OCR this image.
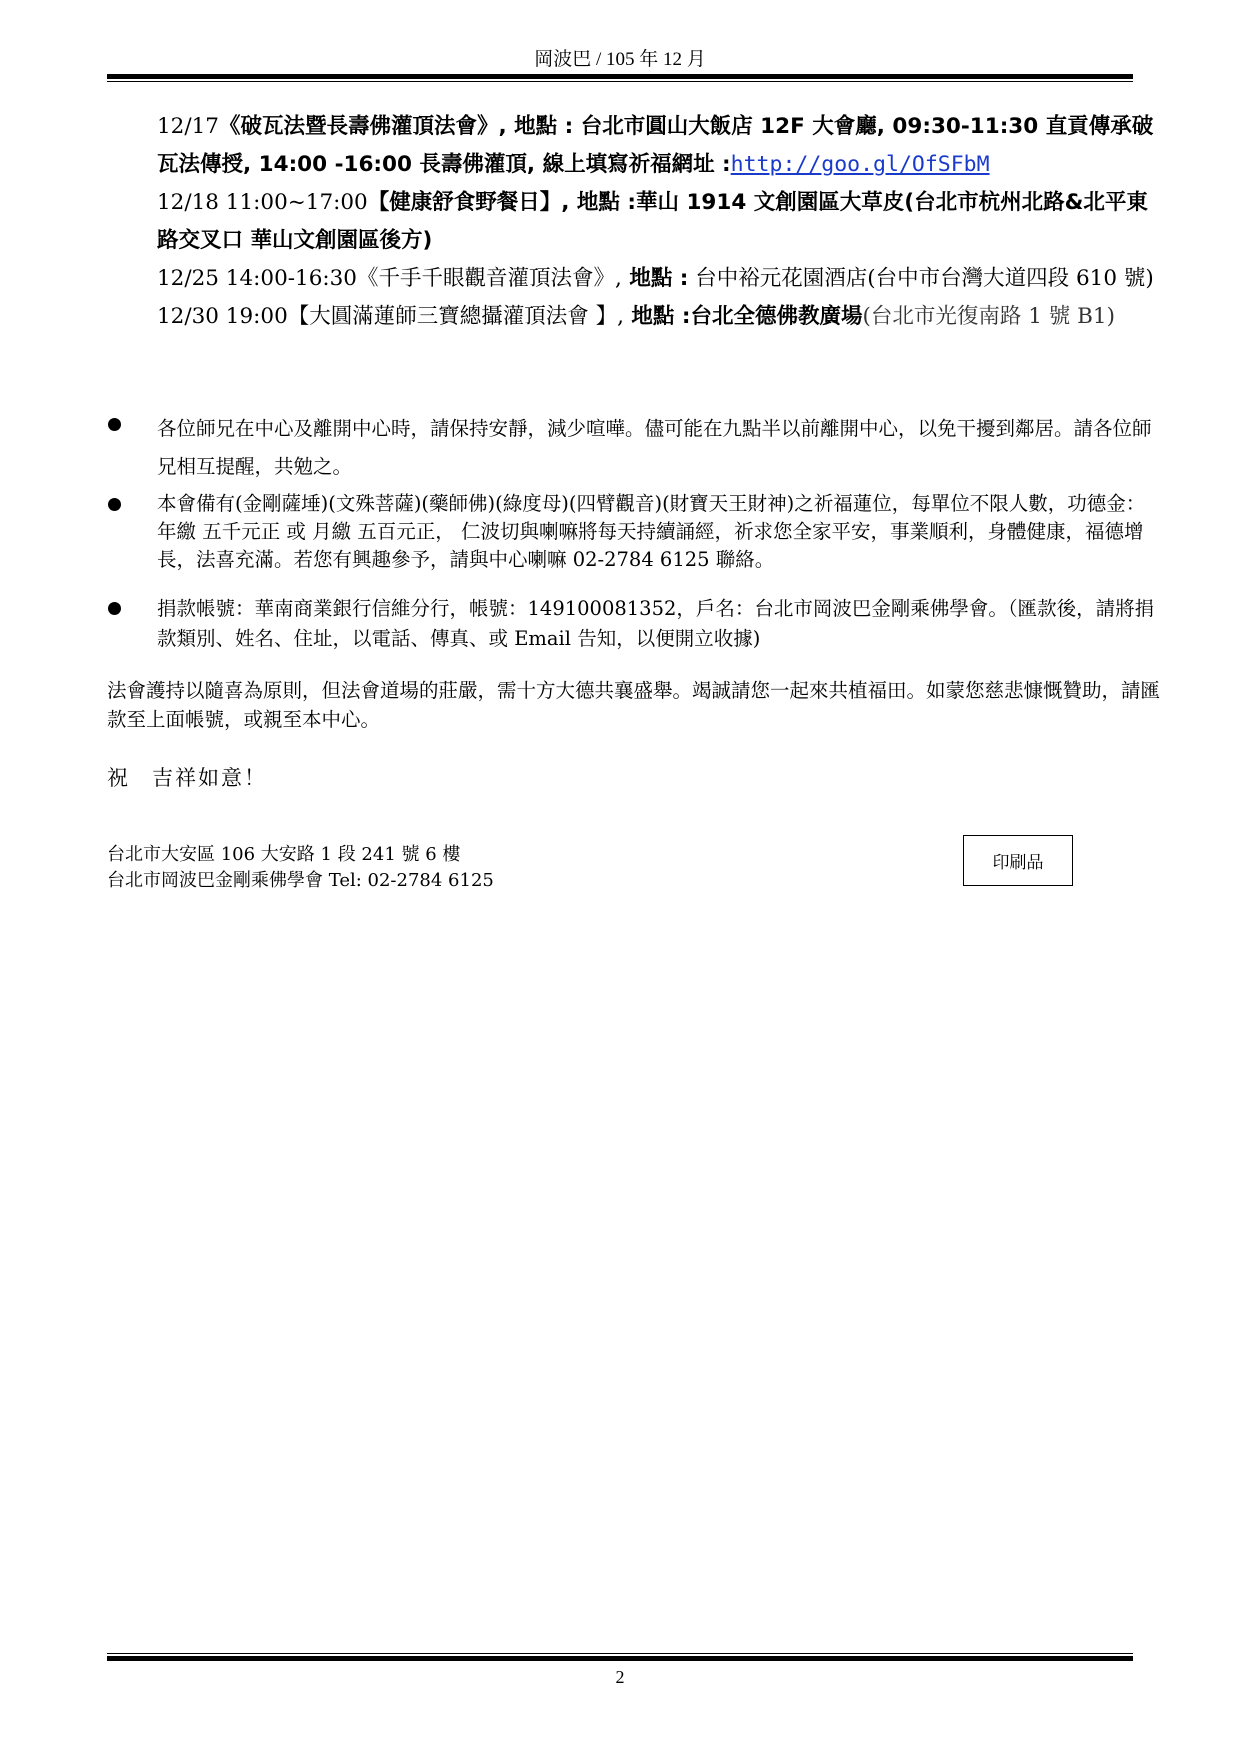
岡波巴 / 105 年 12 月

12/17《破瓦法暨長壽佛灌頂法會》, 地點 : 台北市圓山大飯店 12F 大會廳, 09:30-11:30 直貢傳承破瓦法傳授, 14:00 -16:00 長壽佛灌頂, 線上填寫祈福網址 :http://goo.gl/OfSFbM

12/18 11:00~17:00【健康舒食野餐日】, 地點 :華山 1914 文創園區大草皮(台北市杭州北路&北平東路交叉口 華山文創園區後方)

12/25 14:00-16:30《千手千眼觀音灌頂法會》, 地點 : 台中裕元花園酒店(台中市台灣大道四段 610 號)

12/30 19:00【大圓滿蓮師三寶總攝灌頂法會 】, 地點 :台北全德佛教廣場(台北市光復南路 1 號 B1)

各位師兄在中心及離開中心時，請保持安靜，減少喧嘩。儘可能在九點半以前離開中心，以免干擾到鄰居。請各位師兄相互提醒，共勉之。
本會備有(金剛薩埵)(文殊菩薩)(藥師佛)(綠度母)(四臂觀音)(財寶天王財神)之祈福蓮位，每單位不限人數，功德金：年繳 五千元正 或 月繳 五百元正， 仁波切與喇嘛將每天持續誦經，祈求您全家平安，事業順利，身體健康，福德增長，法喜充滿。若您有興趣參予，請與中心喇嘛 02-2784 6125 聯絡。
捐款帳號：華南商業銀行信維分行，帳號：149100081352，戶名：台北市岡波巴金剛乘佛學會。（匯款後，請將捐款類別、姓名、住址，以電話、傳真、或 Email 告知，以便開立收據)
法會護持以隨喜為原則，但法會道場的莊嚴，需十方大德共襄盛舉。竭誠請您一起來共植福田。如蒙您慈悲慷慨贊助，請匯款至上面帳號，或親至本中心。
祝 吉祥如意！
台北市大安區 106 大安路 1 段 241 號 6 樓
台北市岡波巴金剛乘佛學會 Tel: 02-2784 6125
印刷品
2
